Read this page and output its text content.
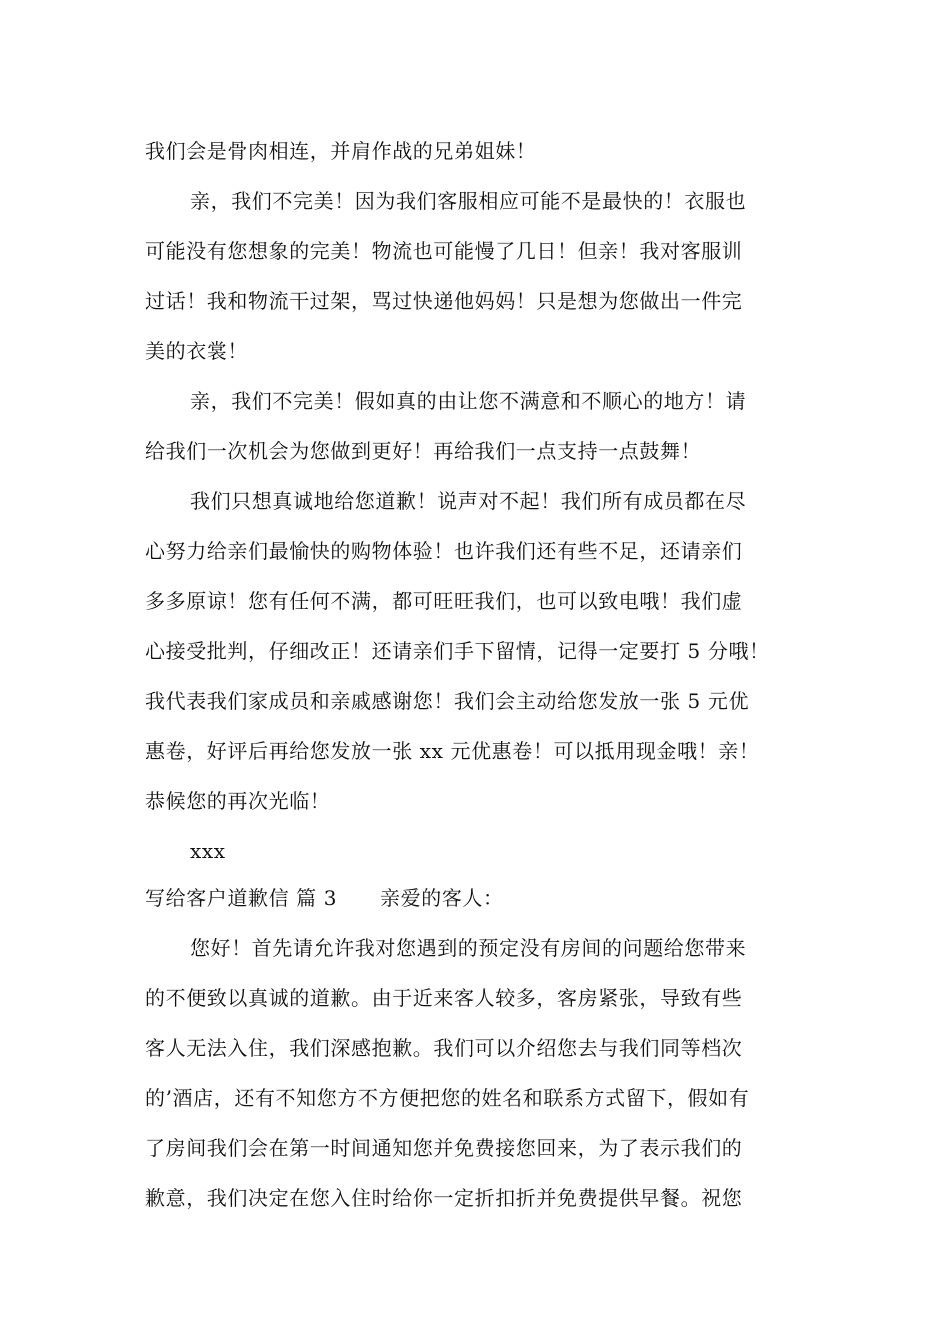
我们会是骨肉相连，并肩作战的兄弟姐妹！

亲，我们不完美！因为我们客服相应可能不是最快的！衣服也

可能没有您想象的完美！物流也可能慢了几日！但亲！我对客服训

过话！我和物流干过架，骂过快递他妈妈！只是想为您做出一件完

美的衣裳！

亲，我们不完美！假如真的由让您不满意和不顺心的地方！请

给我们一次机会为您做到更好！再给我们一点支持一点鼓舞！

我们只想真诚地给您道歉！说声对不起！我们所有成员都在尽

心努力给亲们最愉快的购物体验！也许我们还有些不足，还请亲们

多多原谅！您有任何不满，都可旺旺我们，也可以致电哦！我们虚

心接受批判，仔细改正！还请亲们手下留情，记得一定要打 5 分哦！

我代表我们家成员和亲戚感谢您！我们会主动给您发放一张 5 元优

惠卷，好评后再给您发放一张 xx 元优惠卷！可以抵用现金哦！亲！

恭候您的再次光临！

xxx

写给客户道歉信 篇 3 亲爱的客人：

您好！首先请允许我对您遇到的预定没有房间的问题给您带来

的不便致以真诚的道歉。由于近来客人较多，客房紧张，导致有些

客人无法入住，我们深感抱歉。我们可以介绍您去与我们同等档次

的’酒店，还有不知您方不方便把您的姓名和联系方式留下，假如有

了房间我们会在第一时间通知您并免费接您回来，为了表示我们的

歉意，我们决定在您入住时给你一定折扣折并免费提供早餐。祝您
